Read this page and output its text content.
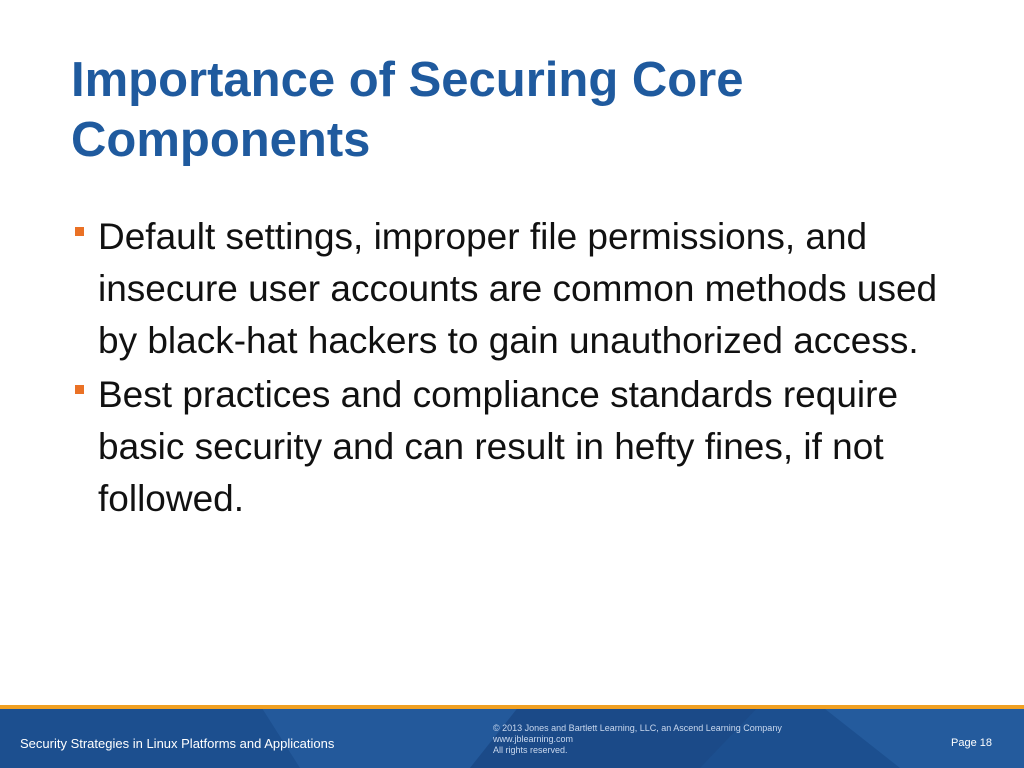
Importance of Securing Core
Components
Default settings, improper file permissions, and insecure user accounts are common methods used by black-hat hackers to gain unauthorized access.
Best practices and compliance standards require basic security and can result in hefty fines, if not followed.
Security Strategies in Linux Platforms and Applications
© 2013 Jones and Bartlett Learning, LLC, an Ascend Learning Company
www.jblearning.com
All rights reserved.
Page 18
